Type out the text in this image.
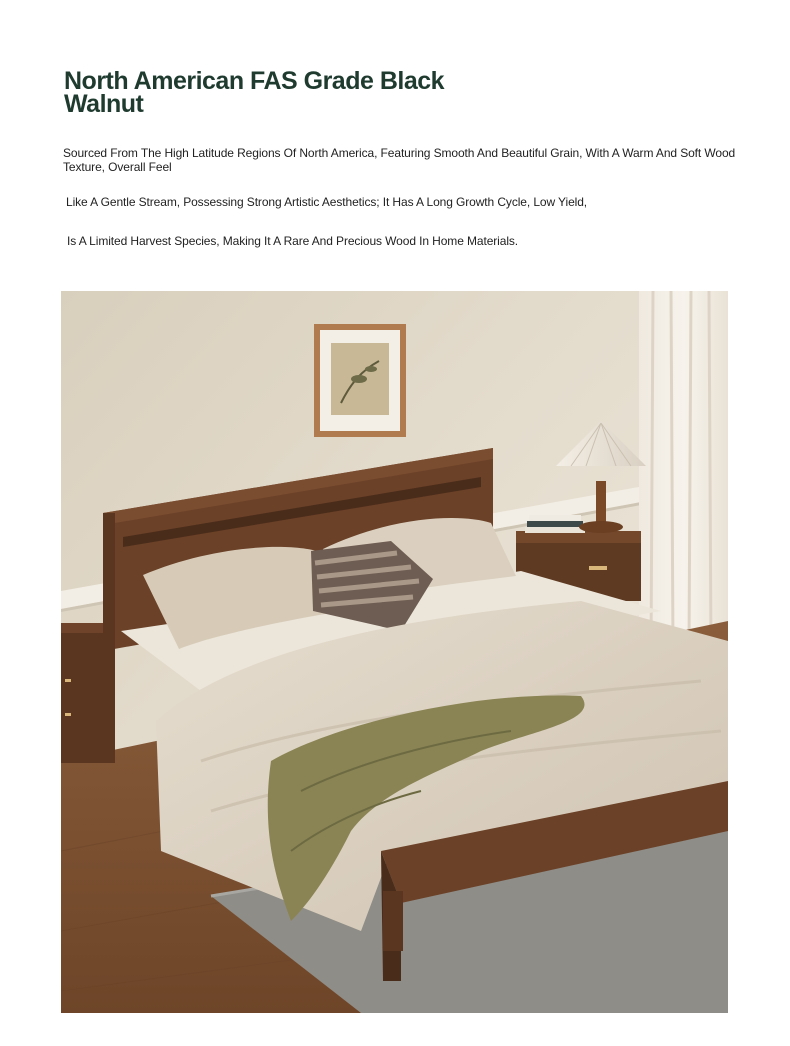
North American FAS Grade Black Walnut

Sourced From The High Latitude Regions Of North America, Featuring Smooth And Beautiful Grain, With A Warm And Soft Wood Texture, Overall Feel

Like A Gentle Stream, Possessing Strong Artistic Aesthetics; It Has A Long Growth Cycle, Low Yield,

Is A Limited Harvest Species, Making It A Rare And Precious Wood In Home Materials.
